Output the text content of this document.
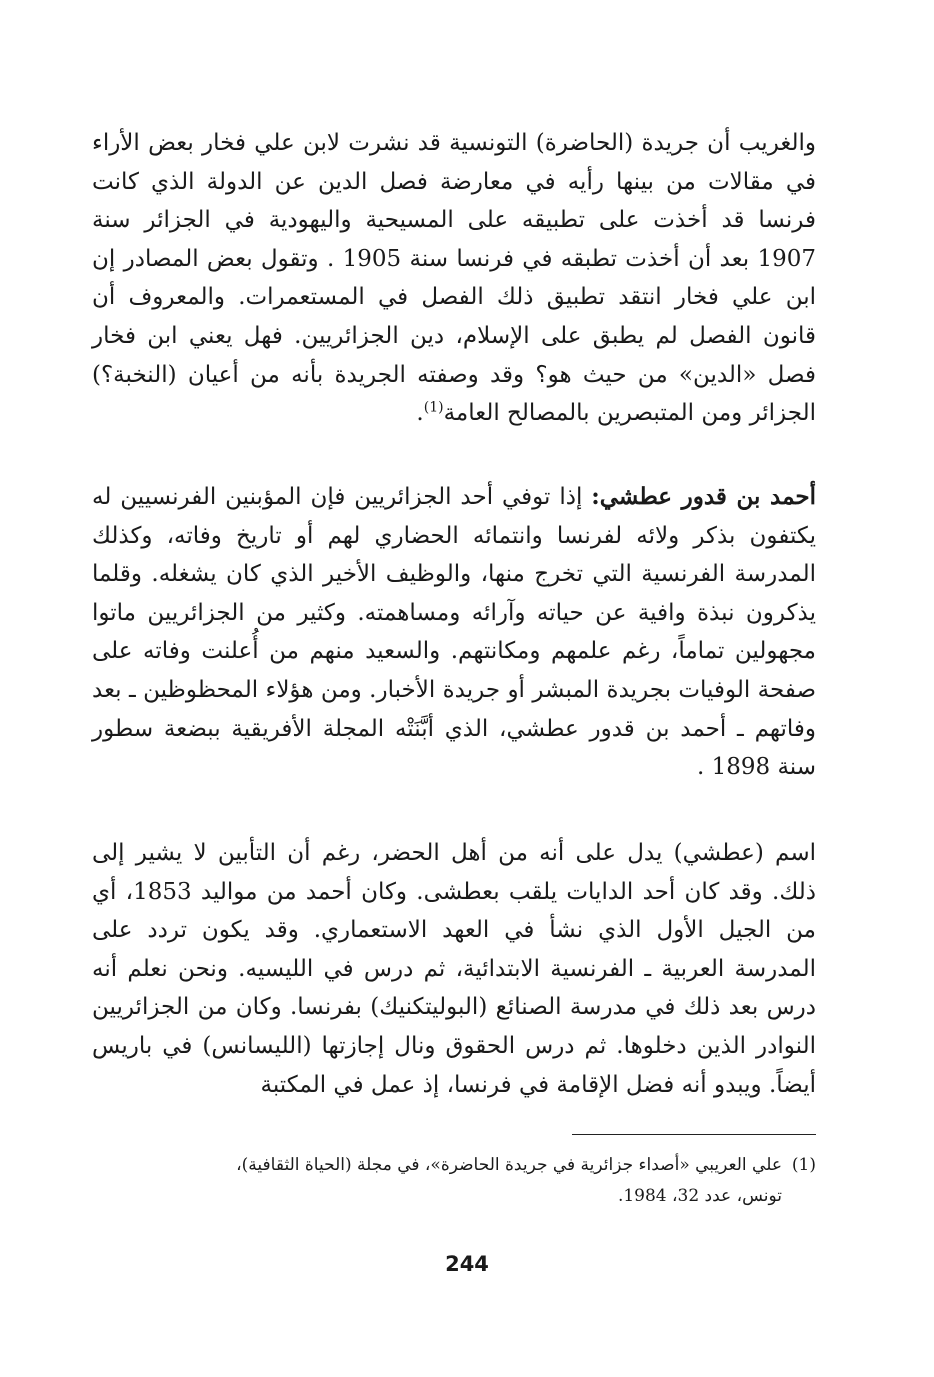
والغريب أن جريدة (الحاضرة) التونسية قد نشرت لابن علي فخار بعض الأراء في مقالات من بينها رأيه في معارضة فصل الدين عن الدولة الذي كانت فرنسا قد أخذت على تطبيقه على المسيحية واليهودية في الجزائر سنة 1907 بعد أن أخذت تطبقه في فرنسا سنة 1905 . وتقول بعض المصادر إن ابن علي فخار انتقد تطبيق ذلك الفصل في المستعمرات. والمعروف أن قانون الفصل لم يطبق على الإسلام، دين الجزائريين. فهل يعني ابن فخار فصل «الدين» من حيث هو؟ وقد وصفته الجريدة بأنه من أعيان (النخبة؟) الجزائر ومن المتبصرين بالمصالح العامة$^{(1)}$.

أحمد بن قدور عطشي: إذا توفي أحد الجزائريين فإن المؤبنين الفرنسيين له يكتفون بذكر ولائه لفرنسا وانتمائه الحضاري لهم أو تاريخ وفاته، وكذلك المدرسة الفرنسية التي تخرج منها، والوظيف الأخير الذي كان يشغله. وقلما يذكرون نبذة وافية عن حياته وآرائه ومساهمته. وكثير من الجزائريين ماتوا مجهولين تماماً، رغم علمهم ومكانتهم. والسعيد منهم من أُعلنت وفاته على صفحة الوفيات بجريدة المبشر أو جريدة الأخبار. ومن هؤلاء المحظوظين ـ بعد وفاتهم ـ أحمد بن قدور عطشي، الذي أبَّنَتْه المجلة الأفريقية ببضعة سطور سنة 1898 .

اسم (عطشي) يدل على أنه من أهل الحضر، رغم أن التأبين لا يشير إلى ذلك. وقد كان أحد الدايات يلقب بعطشى. وكان أحمد من مواليد 1853، أي من الجيل الأول الذي نشأ في العهد الاستعماري. وقد يكون تردد على المدرسة العربية ـ الفرنسية الابتدائية، ثم درس في الليسيه. ونحن نعلم أنه درس بعد ذلك في مدرسة الصنائع (البوليتكنيك) بفرنسا. وكان من الجزائريين النوادر الذين دخلوها. ثم درس الحقوق ونال إجازتها (الليسانس) في باريس أيضاً. ويبدو أنه فضل الإقامة في فرنسا، إذ عمل في المكتبة

(1)علي العريبي «أصداء جزائرية في جريدة الحاضرة»، في مجلة (الحياة الثقافية)،
تونس، عدد 32، 1984.
244
